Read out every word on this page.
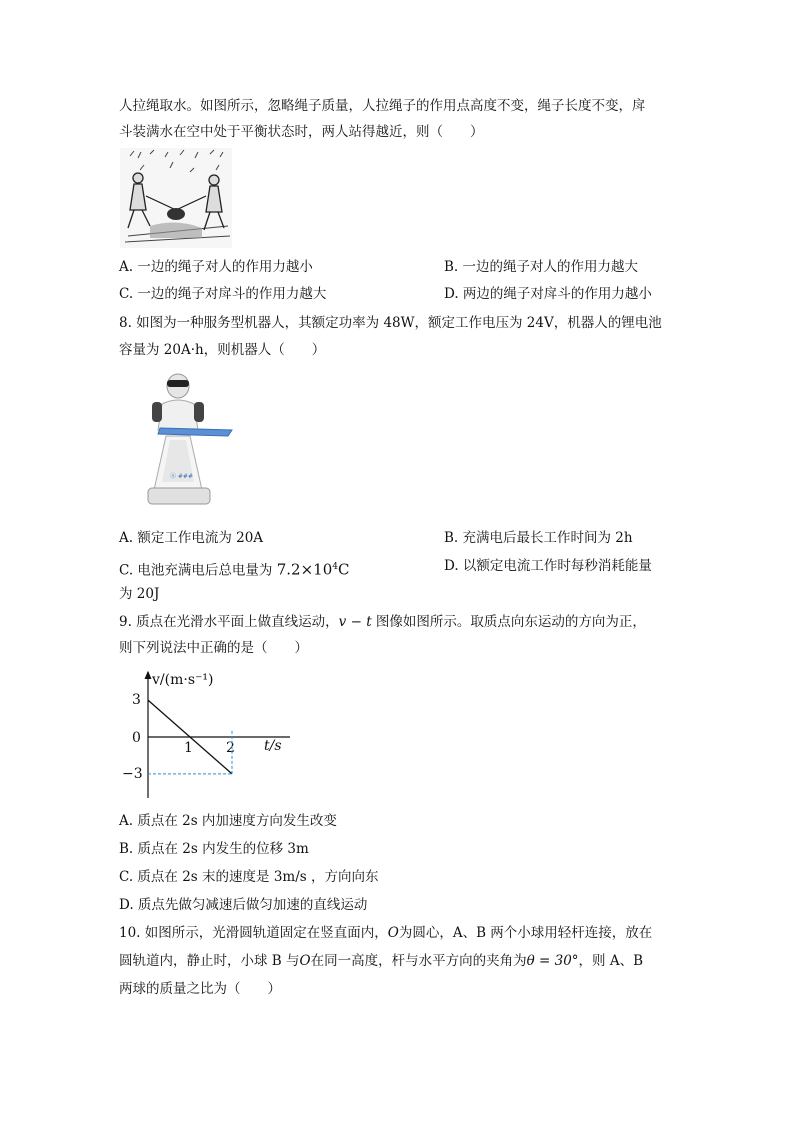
人拉绳取水。如图所示，忽略绳子质量，人拉绳子的作用点高度不变，绳子长度不变，戽
斗装满水在空中处于平衡状态时，两人站得越近，则（　　）
A. 一边的绳子对人的作用力越小	B. 一边的绳子对人的作用力越大
C. 一边的绳子对戽斗的作用力越大	D. 两边的绳子对戽斗的作用力越小
8. 如图为一种服务型机器人，其额定功率为 48W，额定工作电压为 24V，机器人的锂电池
容量为 20A·h，则机器人（　　）
Ⓢ ###
A. 额定工作电流为 20A	B. 充满电后最长工作时间为 2h
C. 电池充满电后总电量为 $7.2\times 10^4C$	D. 以额定电流工作时每秒消耗能量
为 20J
9. 质点在光滑水平面上做直线运动，v − t 图像如图所示。取质点向东运动的方向为正，
则下列说法中正确的是（　　）
v/(m·s⁻¹)
t/s
3
0
−3
1 2
A. 质点在 2s 内加速度方向发生改变
B. 质点在 2s 内发生的位移 3m
C. 质点在 2s 末的速度是 3m/s ，方向向东
D. 质点先做匀减速后做匀加速的直线运动
10. 如图所示，光滑圆轨道固定在竖直面内，O为圆心，A、B 两个小球用轻杆连接，放在
圆轨道内，静止时，小球 B 与O在同一高度，杆与水平方向的夹角为θ = 30°，则 A、B
两球的质量之比为（　　）
